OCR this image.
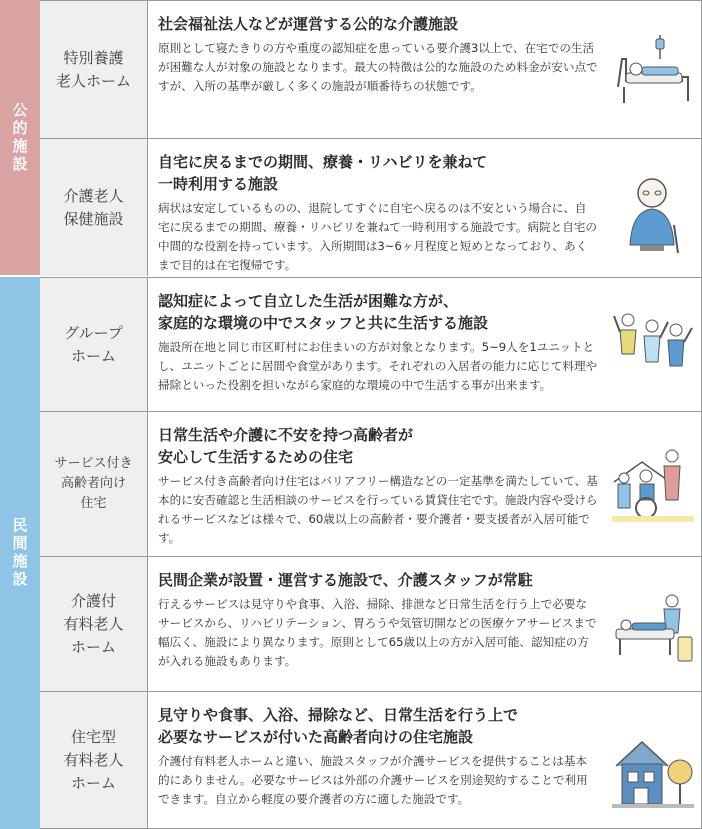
公的施設
民間施設
特別養護
老人ホーム

社会福祉法人などが運営する公的な介護施設

原則として寝たきりの方や重度の認知症を患っている要介護3以上で、在宅での生活が困難な人が対象の施設となります。最大の特徴は公的な施設のため料金が安い点ですが、入所の基準が厳しく多くの施設が順番待ちの状態です。

介護老人
保健施設

自宅に戻るまでの期間、療養・リハビリを兼ねて
一時利用する施設

病状は安定しているものの、退院してすぐに自宅へ戻るのは不安という場合に、自宅に戻るまでの期間、療養・リハビリを兼ねて一時利用する施設です。病院と自宅の中間的な役割を持っています。入所期間は3~6ヶ月程度と短めとなっており、あくまで目的は在宅復帰です。

グループ
ホーム

認知症によって自立した生活が困難な方が、
家庭的な環境の中でスタッフと共に生活する施設

施設所在地と同じ市区町村にお住まいの方が対象となります。5~9人を1ユニットとし、ユニットごとに居間や食堂があります。それぞれの入居者の能力に応じて料理や掃除といった役割を担いながら家庭的な環境の中で生活する事が出来ます。

サービス付き
高齢者向け
住宅

日常生活や介護に不安を持つ高齢者が
安心して生活するための住宅

サービス付き高齢者向け住宅はバリアフリー構造などの一定基準を満たしていて、基本的に安否確認と生活相談のサービスを行っている賃貸住宅です。施設内容や受けられるサービスなどは様々で、60歳以上の高齢者・要介護者・要支援者が入居可能です。

介護付
有料老人
ホーム

民間企業が設置・運営する施設で、介護スタッフが常駐

行えるサービスは見守りや食事、入浴、掃除、排泄など日常生活を行う上で必要なサービスから、リハビリテーション、胃ろうや気管切開などの医療ケアサービスまで幅広く、施設により異なります。原則として65歳以上の方が入居可能、認知症の方が入れる施設もあります。

住宅型
有料老人
ホーム

見守りや食事、入浴、掃除など、日常生活を行う上で
必要なサービスが付いた高齢者向けの住宅施設

介護付有料老人ホームと違い、施設スタッフが介護サービスを提供することは基本的にありません。必要なサービスは外部の介護サービスを別途契約することで利用できます。自立から軽度の要介護者の方に適した施設です。
